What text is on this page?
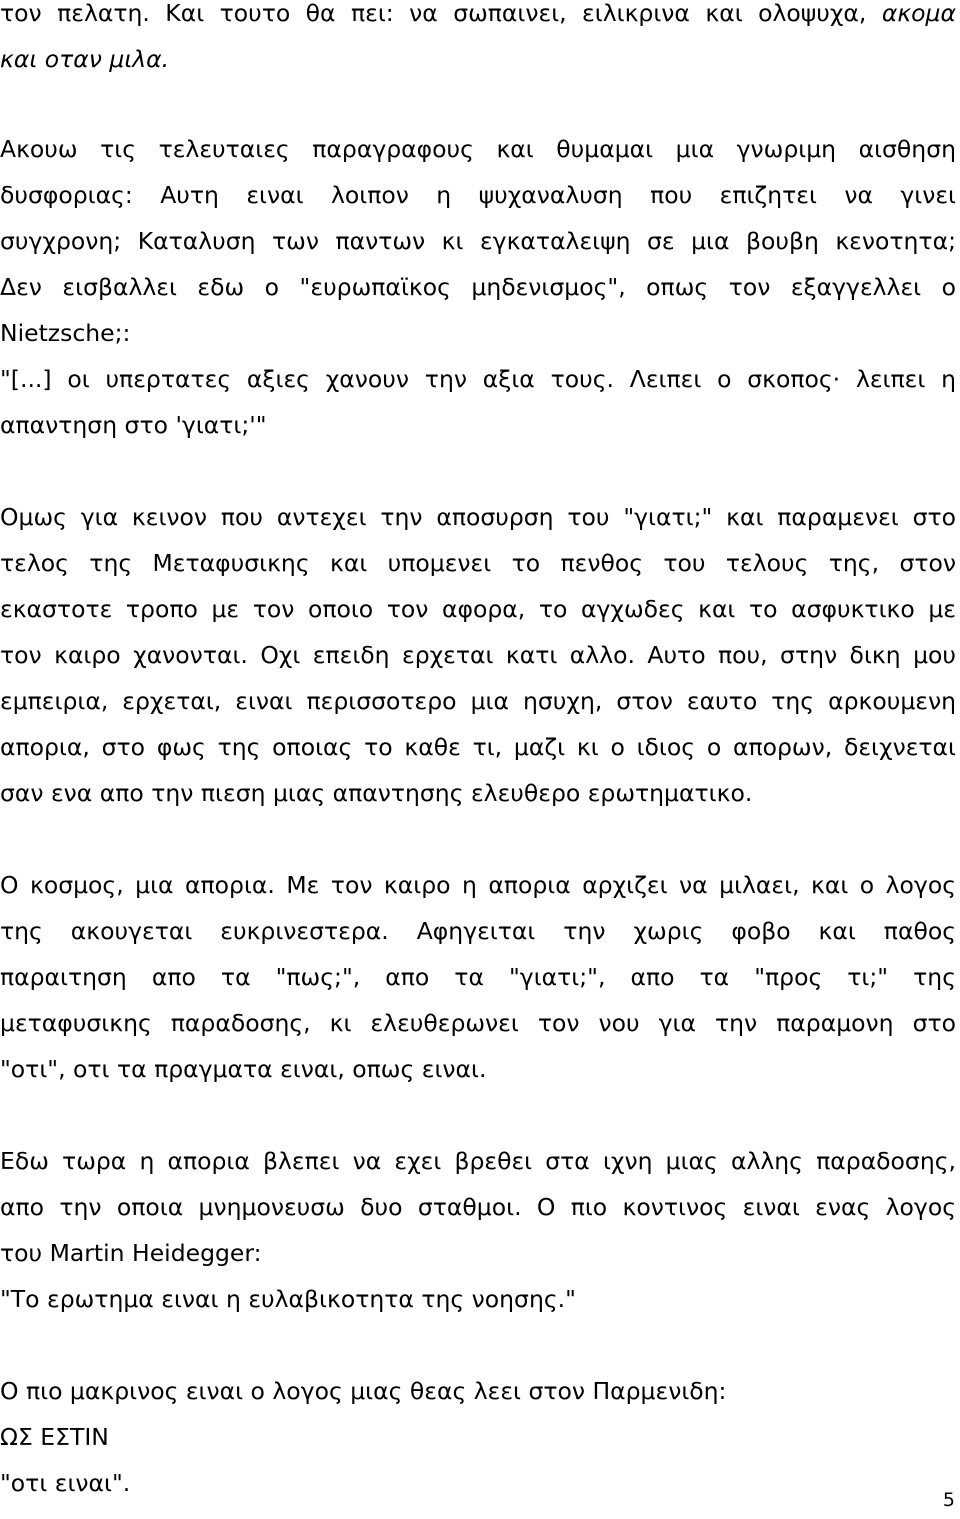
τον πελατη. Και τουτο θα πει: να σωπαινει, ειλικρινα και ολοψυχα, ακομα
και οταν μιλα.
Ακουω τις τελευταιες παραγραφους και θυμαμαι μια γνωριμη αισθηση
δυσφοριας: Αυτη ειναι λοιπον η ψυχαναλυση που επιζητει να γινει
συγχρονη; Καταλυση των παντων κι εγκαταλειψη σε μια βουβη κενοτητα;
Δεν εισβαλλει εδω ο "ευρωπαϊκος μηδενισμος", οπως τον εξαγγελλει ο
Nietzsche;:
"[...] οι υπερτατες αξιες χανουν την αξια τους. Λειπει ο σκοπος· λειπει η
απαντηση στο 'γιατι;'"
Ομως για κεινον που αντεχει την αποσυρση του "γιατι;" και παραμενει στο
τελος της Μεταφυσικης και υπομενει το πενθος του τελους της, στον
εκαστοτε τροπο με τον οποιο τον αφορα, το αγχωδες και το ασφυκτικο με
τον καιρο χανονται. Οχι επειδη ερχεται κατι αλλο. Αυτο που, στην δικη μου
εμπειρια, ερχεται, ειναι περισσοτερο μια ησυχη, στον εαυτο της αρκουμενη
απορια, στο φως της οποιας το καθε τι, μαζι κι ο ιδιος ο απορων, δειχνεται
σαν ενα απο την πιεση μιας απαντησης ελευθερο ερωτηματικο.
Ο κοσμος, μια απορια. Με τον καιρο η απορια αρχιζει να μιλαει, και ο λογος
της ακουγεται ευκρινεστερα. Αφηγειται την χωρις φοβο και παθος
παραιτηση απο τα "πως;", απο τα "γιατι;", απο τα "προς τι;" της
μεταφυσικης παραδοσης, κι ελευθερωνει τον νου για την παραμονη στο
"οτι", οτι τα πραγματα ειναι, οπως ειναι.
Εδω τωρα η απορια βλεπει να εχει βρεθει στα ιχνη μιας αλλης παραδοσης,
απο την οποια μνημονευσω δυο σταθμοι. Ο πιο κοντινος ειναι ενας λογος
του Martin Heidegger:
"Το ερωτημα ειναι η ευλαβικοτητα της νοησης."
Ο πιο μακρινος ειναι ο λογος μιας θεας λεει στον Παρμενιδη:
ΩΣ ΕΣΤΙΝ
"οτι ειναι".
5
